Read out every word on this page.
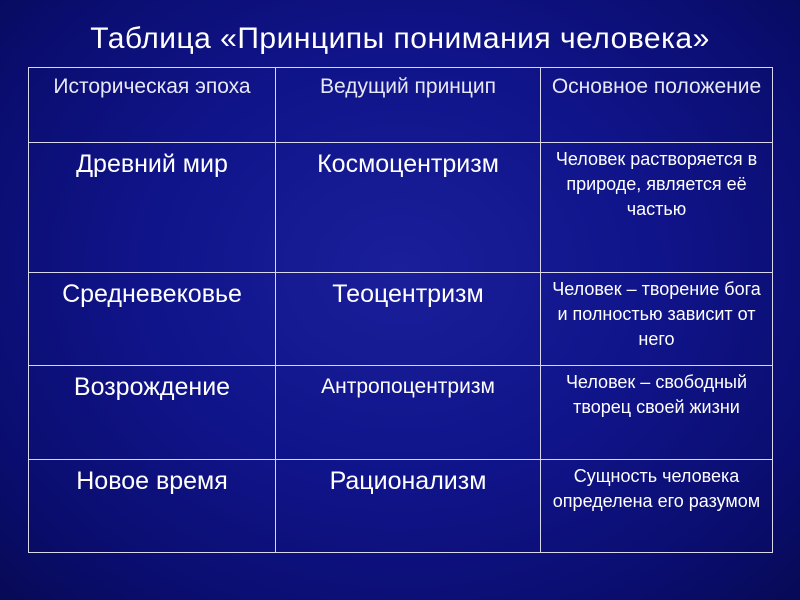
Таблица «Принципы понимания человека»
Историческая эпоха	Ведущий принцип	Основное положение
Древний мир	Космоцентризм	Человек растворяется в природе, является её частью
Средневековье	Теоцентризм	Человек – творение бога и полностью зависит от него
Возрождение	Антропоцентризм	Человек – свободный творец своей жизни
Новое время	Рационализм	Сущность человека определена его разумом
